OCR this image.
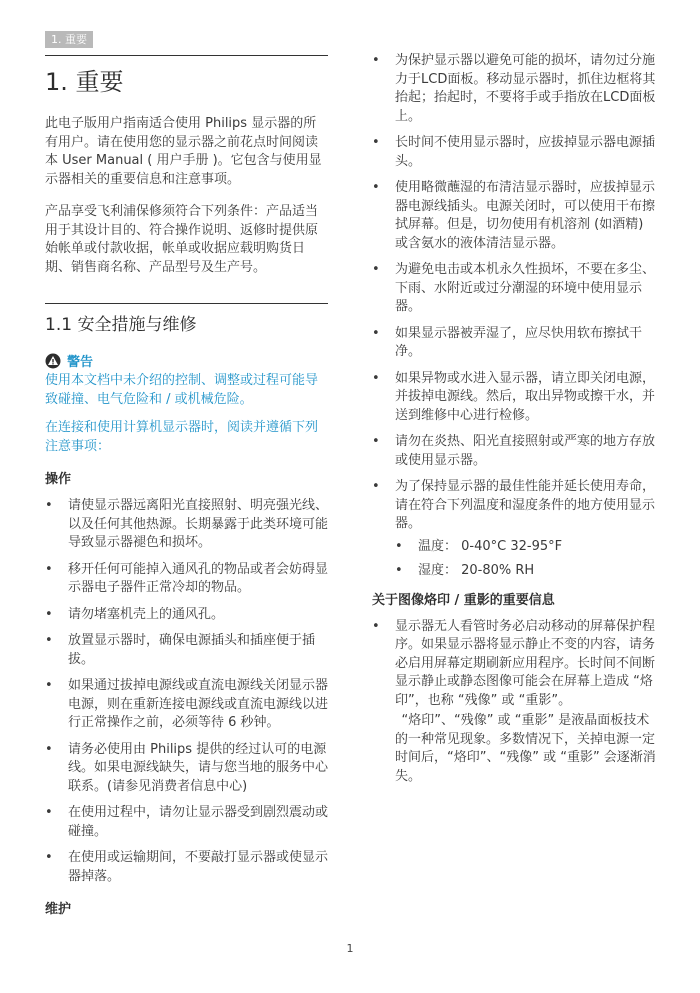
1. 重要
1. 重要

此电子版用户指南适合使用 Philips 显示器的所有用户。请在使用您的显示器之前花点时间阅读本 User Manual ( 用户手册 )。它包含与使用显示器相关的重要信息和注意事项。

产品享受飞利浦保修须符合下列条件：产品适当用于其设计目的、符合操作说明、返修时提供原始帐单或付款收据，帐单或收据应载明购货日期、销售商名称、产品型号及生产号。

1.1 安全措施与维修
警告
使用本文档中未介绍的控制、调整或过程可能导致碰撞、电气危险和 / 或机械危险。
在连接和使用计算机显示器时，阅读并遵循下列注意事项：
操作
• 请使显示器远离阳光直接照射、明亮强光线、以及任何其他热源。长期暴露于此类环境可能导致显示器褪色和损坏。
• 移开任何可能掉入通风孔的物品或者会妨碍显示器电子器件正常冷却的物品。
• 请勿堵塞机壳上的通风孔。
• 放置显示器时，确保电源插头和插座便于插拔。
• 如果通过拔掉电源线或直流电源线关闭显示器电源，则在重新连接电源线或直流电源线以进行正常操作之前，必须等待 6 秒钟。
• 请务必使用由 Philips 提供的经过认可的电源线。如果电源线缺失，请与您当地的服务中心联系。(请参见消费者信息中心)
• 在使用过程中，请勿让显示器受到剧烈震动或碰撞。
• 在使用或运输期间，不要敲打显示器或使显示器掉落。
维护
• 为保护显示器以避免可能的损坏，请勿过分施力于LCD面板。移动显示器时，抓住边框将其抬起；抬起时，不要将手或手指放在LCD面板上。
• 长时间不使用显示器时，应拔掉显示器电源插头。
• 使用略微蘸湿的布清洁显示器时，应拔掉显示器电源线插头。电源关闭时，可以使用干布擦拭屏幕。但是，切勿使用有机溶剂 (如酒精) 或含氨水的液体清洁显示器。
• 为避免电击或本机永久性损坏，不要在多尘、下雨、水附近或过分潮湿的环境中使用显示器。
• 如果显示器被弄湿了，应尽快用软布擦拭干净。
• 如果异物或水进入显示器，请立即关闭电源，并拔掉电源线。然后，取出异物或擦干水，并送到维修中心进行检修。
• 请勿在炎热、阳光直接照射或严寒的地方存放或使用显示器。
• 为了保持显示器的最佳性能并延长使用寿命，请在符合下列温度和湿度条件的地方使用显示器。
• 温度： 0-40°C 32-95°F
• 湿度： 20-80% RH
关于图像烙印 / 重影的重要信息
• 显示器无人看管时务必启动移动的屏幕保护程序。如果显示器将显示静止不变的内容，请务必启用屏幕定期刷新应用程序。长时间不间断显示静止或静态图像可能会在屏幕上造成 “烙印”，也称 “残像” 或 “重影”。
“烙印”、“残像” 或 “重影” 是液晶面板技术的一种常见现象。多数情况下，关掉电源一定时间后，“烙印”、“残像” 或 “重影” 会逐渐消失。
1
